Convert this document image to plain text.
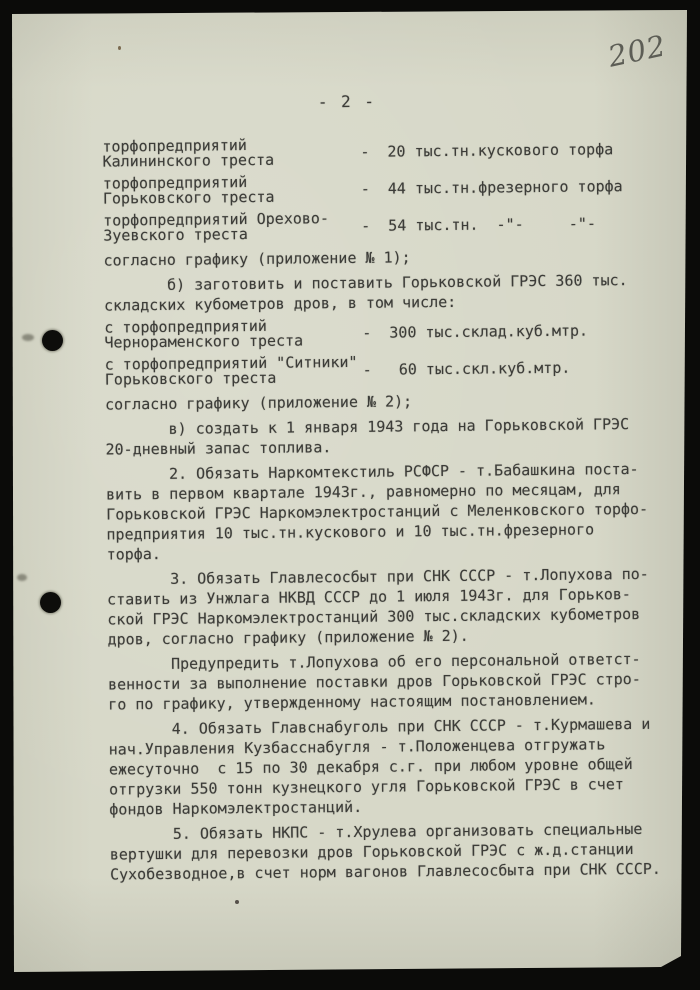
- 2 -
торфопредприятий
Калининского треста	-	20 тыс.тн.кускового торфа
торфопредприятий
Горьковского треста	-	44 тыс.тн.фрезерного торфа
торфопредприятий Орехово-
Зуевского треста	-	54 тыс.тн.  -"-     -"-
согласно графику (приложение № 1);
б) заготовить и поставить Горьковской ГРЭС 360 тыс.
складских кубометров дров, в том числе:
с торфопредприятий
Чернораменского треста	-	300 тыс.склад.куб.мтр.
с торфопредприятий "Ситники"
Горьковского треста	-	60 тыс.скл.куб.мтр.
согласно графику (приложение № 2);
в) создать к 1 января 1943 года на Горьковской ГРЭС
20-дневный запас топлива.
2. Обязать Наркомтекстиль РСФСР - т.Бабашкина поста-
вить в первом квартале 1943г., равномерно по месяцам, для
Горьковской ГРЭС Наркомэлектростанций с Меленковского торфо-
предприятия 10 тыс.тн.кускового и 10 тыс.тн.фрезерного
торфа.
3. Обязать Главлесосбыт при СНК СССР - т.Лопухова по-
ставить из Унжлага НКВД СССР до 1 июля 1943г. для Горьков-
ской ГРЭС Наркомэлектростанций 300 тыс.складских кубометров
дров, согласно графику (приложение № 2).
Предупредить т.Лопухова об его персональной ответст-
венности за выполнение поставки дров Горьковской ГРЭС стро-
го по графику, утвержденному настоящим постановлением.
4. Обязать Главснабуголь при СНК СССР - т.Курмашева и
нач.Управления Кузбасснабугля - т.Положенцева отгружать
ежесуточно  с 15 по 30 декабря с.г. при любом уровне общей
отгрузки 550 тонн кузнецкого угля Горьковской ГРЭС в счет
фондов Наркомэлектростанций.
5. Обязать НКПС - т.Хрулева организовать специальные
вертушки для перевозки дров Горьковской ГРЭС с ж.д.станции
Сухобезводное,в счет норм вагонов Главлесосбыта при СНК СССР.
202
